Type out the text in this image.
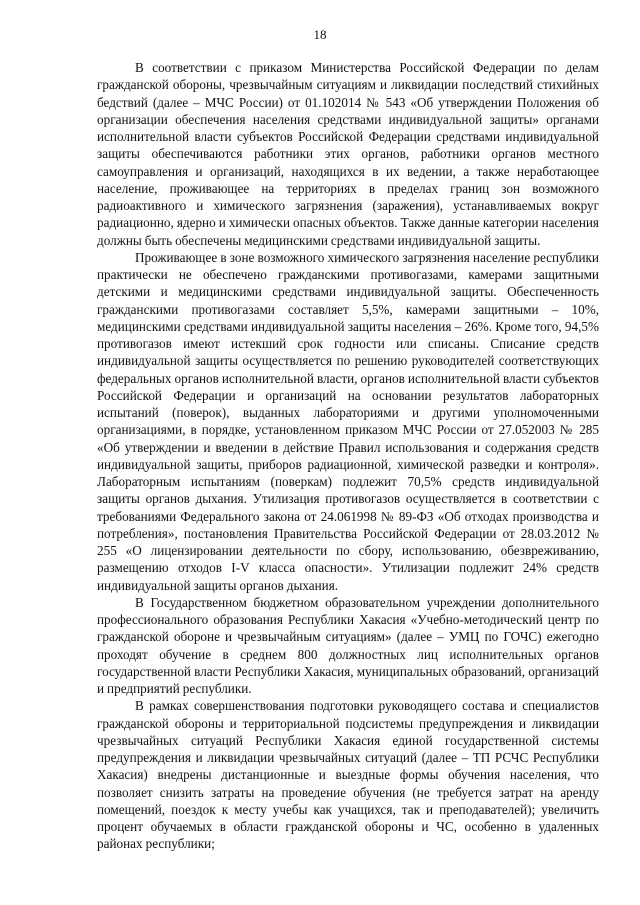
18

В соответствии с приказом Министерства Российской Федерации по делам гражданской обороны, чрезвычайным ситуациям и ликвидации последствий стихийных бедствий (далее – МЧС России) от 01.102014 № 543 «Об утверждении Положения об организации обеспечения населения средствами индивидуальной защиты» органами исполнительной власти субъектов Российской Федерации средствами индивидуальной защиты обеспечиваются работники этих органов, работники органов местного самоуправления и организаций, находящихся в их ведении, а также неработающее население, проживающее на территориях в пределах границ зон возможного радиоактивного и химического загрязнения (заражения), устанавливаемых вокруг радиационно, ядерно и химически опасных объектов. Также данные категории населения должны быть обеспечены медицинскими средствами индивидуальной защиты.

Проживающее в зоне возможного химического загрязнения население республики практически не обеспечено гражданскими противогазами, камерами защитными детскими и медицинскими средствами индивидуальной защиты. Обеспеченность гражданскими противогазами составляет 5,5%, камерами защитными – 10%, медицинскими средствами индивидуальной защиты населения – 26%. Кроме того, 94,5% противогазов имеют истекший срок годности или списаны. Списание средств индивидуальной защиты осуществляется по решению руководителей соответствующих федеральных органов исполнительной власти, органов исполнительной власти субъектов Российской Федерации и организаций на основании результатов лабораторных испытаний (поверок), выданных лабораториями и другими уполномоченными организациями, в порядке, установленном приказом МЧС России от 27.052003 № 285 «Об утверждении и введении в действие Правил использования и содержания средств индивидуальной защиты, приборов радиационной, химической разведки и контроля». Лабораторным испытаниям (поверкам) подлежит 70,5% средств индивидуальной защиты органов дыхания. Утилизация противогазов осуществляется в соответствии с требованиями Федерального закона от 24.061998 № 89-ФЗ «Об отходах производства и потребления», постановления Правительства Российской Федерации от 28.03.2012 № 255 «О лицензировании деятельности по сбору, использованию, обезвреживанию, размещению отходов I-V класса опасности». Утилизации подлежит 24% средств индивидуальной защиты органов дыхания.

В Государственном бюджетном образовательном учреждении дополнительного профессионального образования Республики Хакасия «Учебно-методический центр по гражданской обороне и чрезвычайным ситуациям» (далее – УМЦ по ГОЧС) ежегодно проходят обучение в среднем 800 должностных лиц исполнительных органов государственной власти Республики Хакасия, муниципальных образований, организаций и предприятий республики.

В рамках совершенствования подготовки руководящего состава и специалистов гражданской обороны и территориальной подсистемы предупреждения и ликвидации чрезвычайных ситуаций Республики Хакасия единой государственной системы предупреждения и ликвидации чрезвычайных ситуаций (далее – ТП РСЧС Республики Хакасия) внедрены дистанционные и выездные формы обучения населения, что позволяет снизить затраты на проведение обучения (не требуется затрат на аренду помещений, поездок к месту учебы как учащихся, так и преподавателей); увеличить процент обучаемых в области гражданской обороны и ЧС, особенно в удаленных районах республики;
